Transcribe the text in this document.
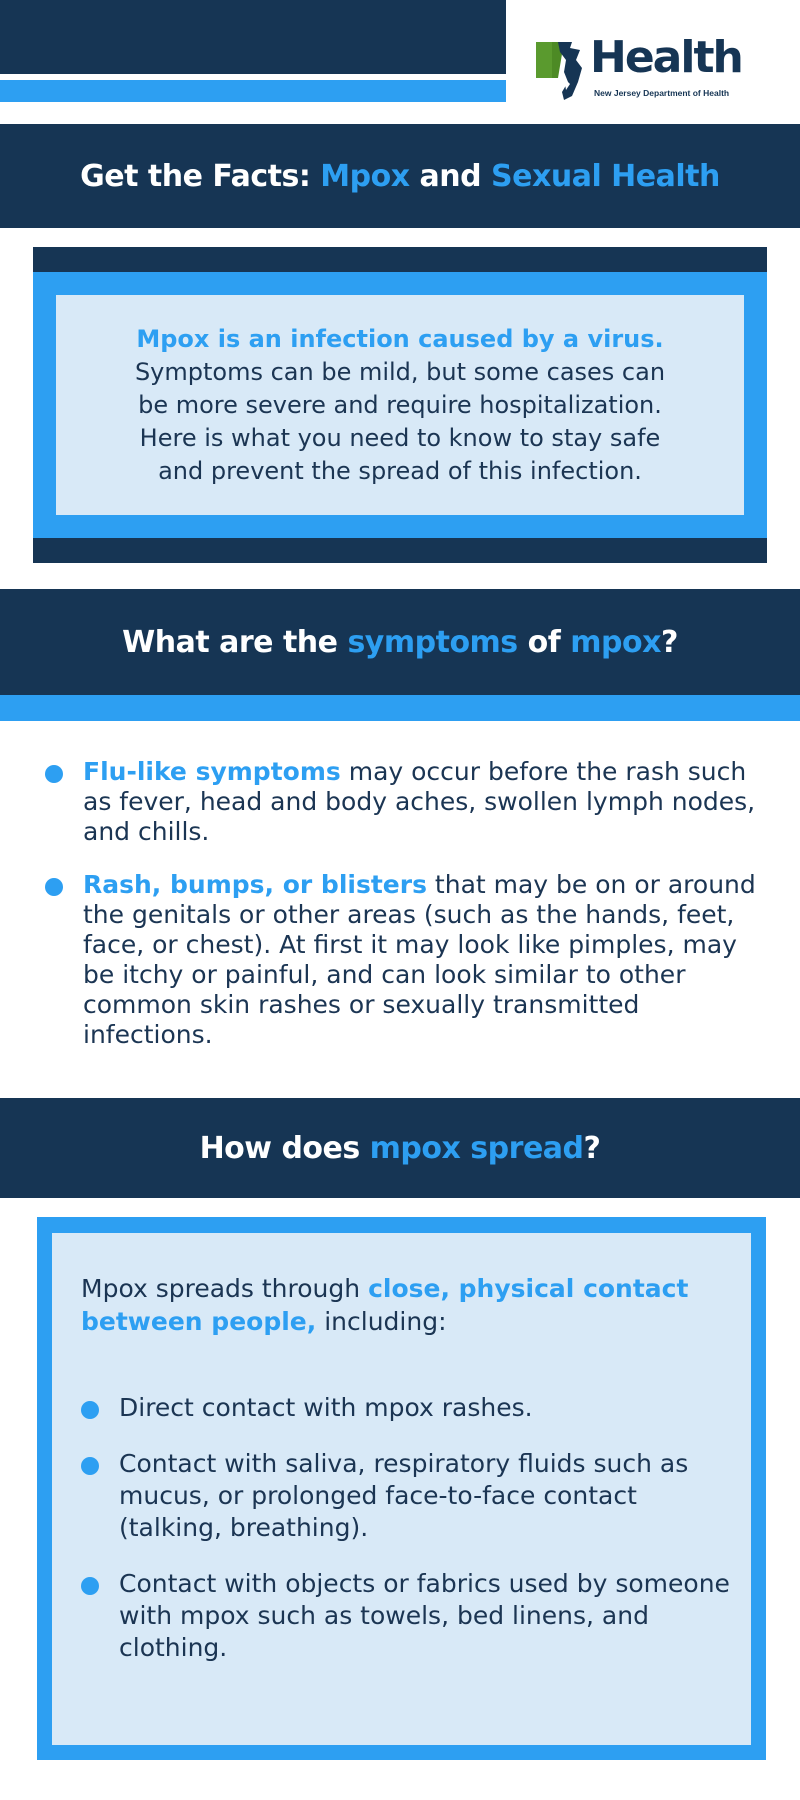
Health
New Jersey Department of Health
Get the Facts: Mpox and Sexual Health
Mpox is an infection caused by a virus.
Symptoms can be mild, but some cases can
be more severe and require hospitalization.
Here is what you need to know to stay safe
and prevent the spread of this infection.
What are the symptoms of mpox?
Flu-like symptoms may occur before the rash such as fever, head and body aches, swollen lymph nodes, and chills.
Rash, bumps, or blisters that may be on or around the genitals or other areas (such as the hands, feet, face, or chest). At first it may look like pimples, may be itchy or painful, and can look similar to other common skin rashes or sexually transmitted infections.
How does mpox spread?
Mpox spreads through close, physical contact between people, including:
Direct contact with mpox rashes.
Contact with saliva, respiratory fluids such as mucus, or prolonged face-to-face contact (talking, breathing).
Contact with objects or fabrics used by someone with mpox such as towels, bed linens, and clothing.
